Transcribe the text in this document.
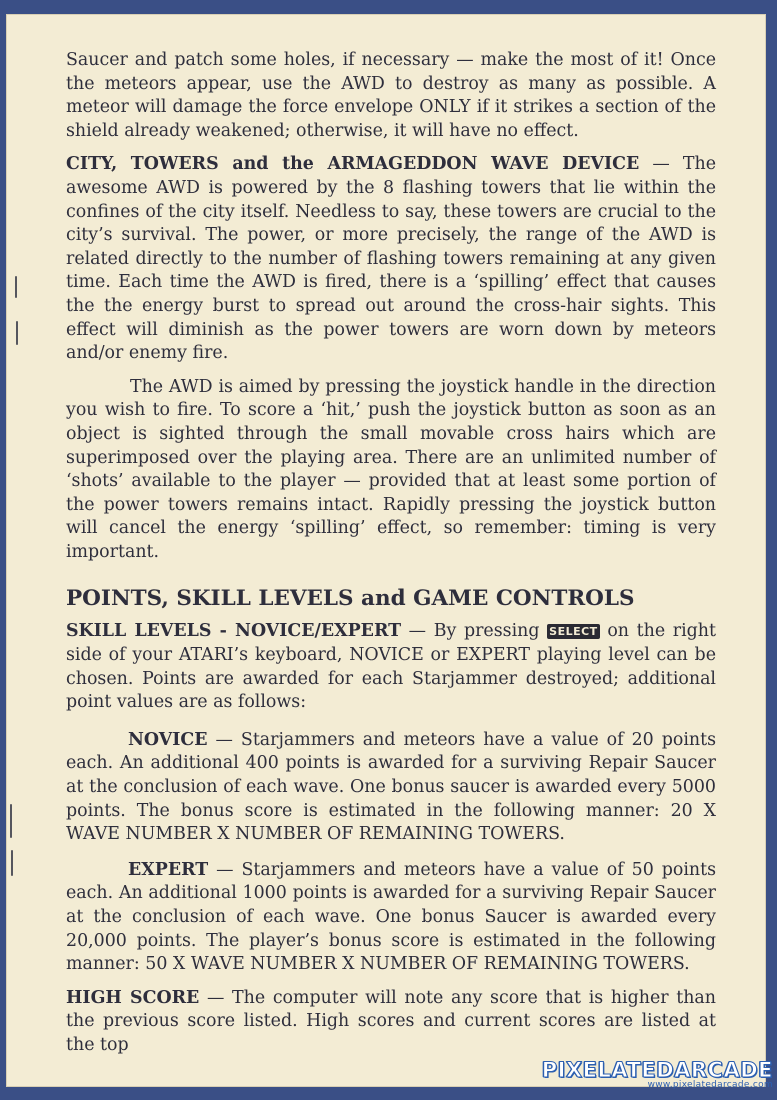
Saucer and patch some holes, if necessary — make the most of it! Once the meteors appear, use the AWD to destroy as many as possible. A meteor will damage the force envelope ONLY if it strikes a section of the shield already weakened; otherwise, it will have no effect.

CITY, TOWERS and the ARMAGEDDON WAVE DEVICE — The awesome AWD is powered by the 8 flashing towers that lie within the confines of the city itself. Needless to say, these towers are crucial to the city’s survival. The power, or more precisely, the range of the AWD is related directly to the number of flashing towers remaining at any given time. Each time the AWD is fired, there is a ‘spilling’ effect that causes the the energy burst to spread out around the cross-hair sights. This effect will diminish as the power towers are worn down by meteors and/or enemy fire.

The AWD is aimed by pressing the joystick handle in the direction you wish to fire. To score a ‘hit,’ push the joystick button as soon as an object is sighted through the small movable cross hairs which are superimposed over the playing area. There are an unlimited number of ‘shots’ available to the player — provided that at least some portion of the power towers remains intact. Rapidly pressing the joystick button will cancel the energy ‘spilling’ effect, so remember: timing is very important.

POINTS, SKILL LEVELS and GAME CONTROLS

SKILL LEVELS - NOVICE/EXPERT — By pressing SELECT on the right side of your ATARI’s keyboard, NOVICE or EXPERT playing level can be chosen. Points are awarded for each Starjammer destroyed; additional point values are as follows:

NOVICE — Starjammers and meteors have a value of 20 points each. An additional 400 points is awarded for a surviving Repair Saucer at the conclusion of each wave. One bonus saucer is awarded every 5000 points. The bonus score is estimated in the following manner: 20 X WAVE NUMBER X NUMBER OF REMAINING TOWERS.

EXPERT — Starjammers and meteors have a value of 50 points each. An additional 1000 points is awarded for a surviving Repair Saucer at the conclusion of each wave. One bonus Saucer is awarded every 20,000 points. The player’s bonus score is estimated in the following manner: 50 X WAVE NUMBER X NUMBER OF REMAINING TOWERS.

HIGH SCORE — The computer will note any score that is higher than the previous score listed. High scores and current scores are listed at the top

PIXELATEDARCADE
www.pixelatedarcade.com
